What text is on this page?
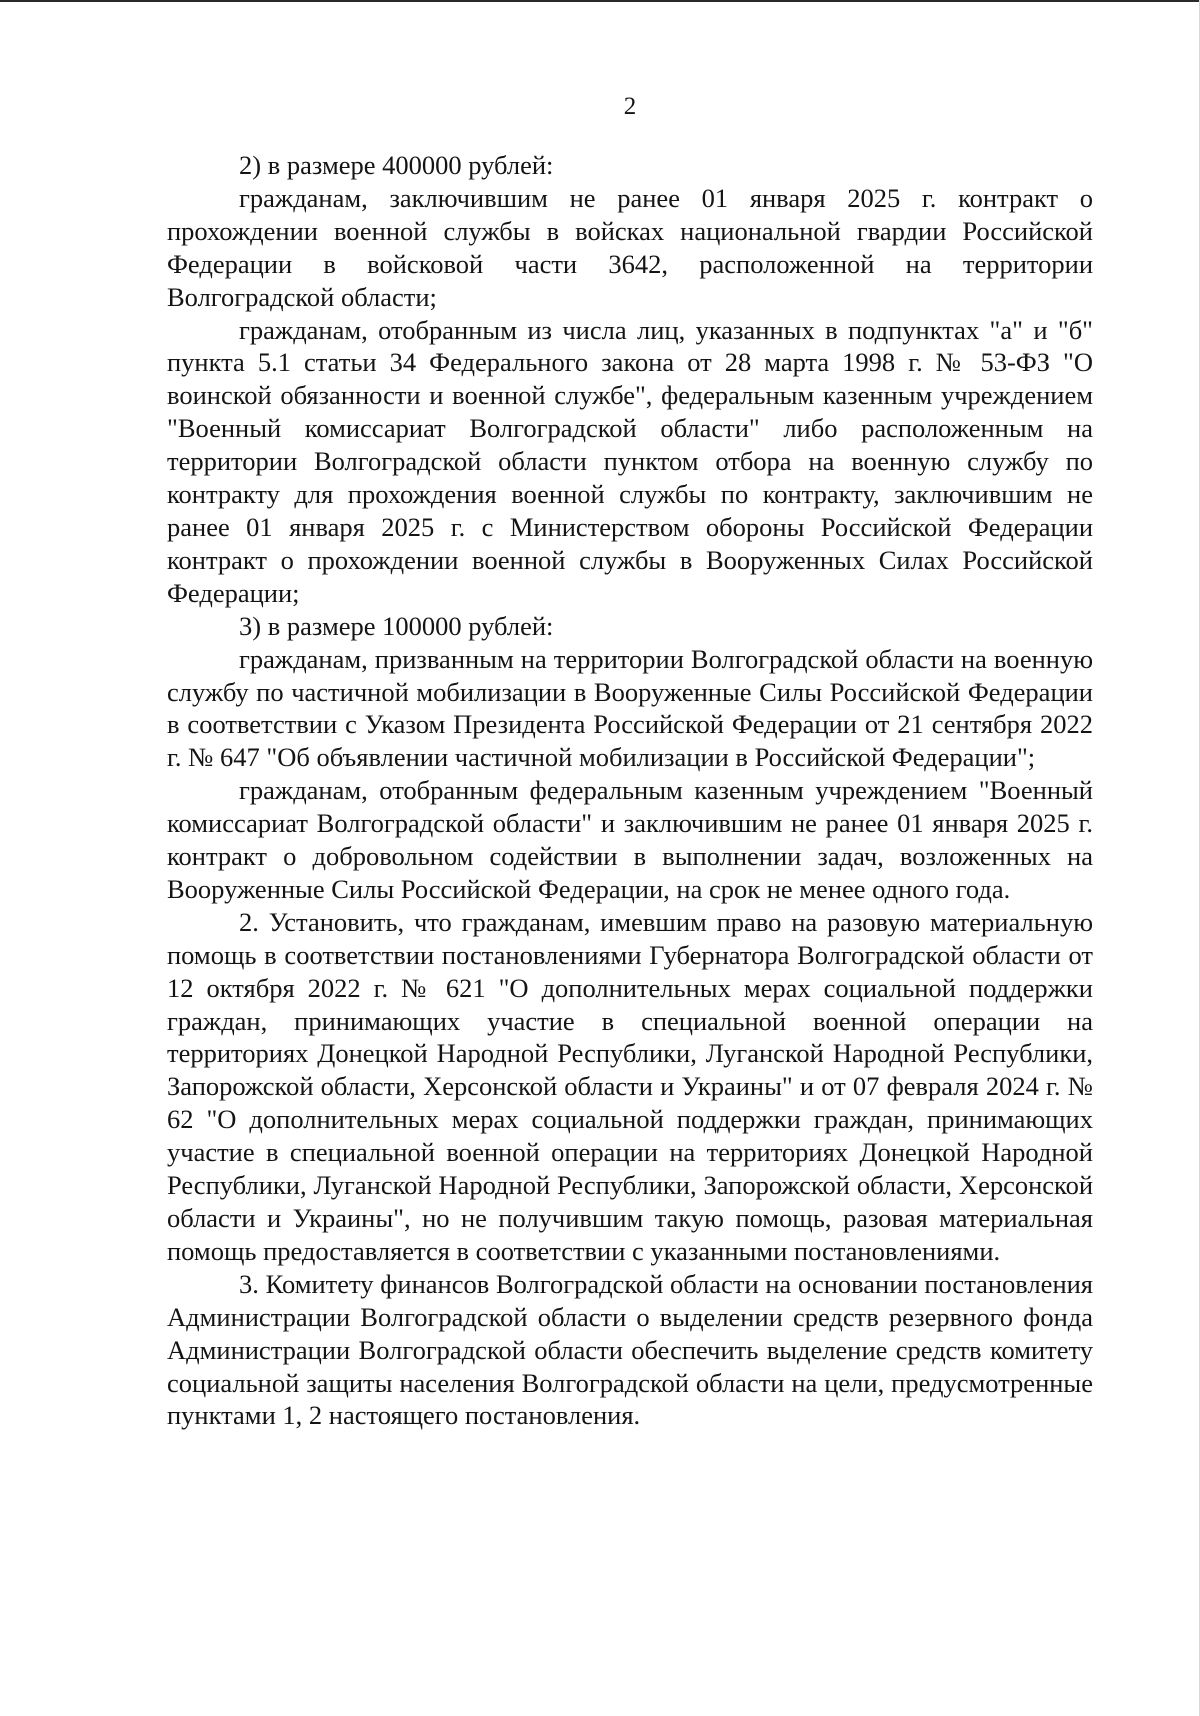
2

2) в размере 400000 рублей:

гражданам, заключившим не ранее 01 января 2025 г. контракт о прохождении военной службы в войсках национальной гвардии Российской Федерации в войсковой части 3642, расположенной на территории Волгоградской области;

гражданам, отобранным из числа лиц, указанных в подпунктах "а" и "б" пункта 5.1 статьи 34 Федерального закона от 28 марта 1998 г. № 53-ФЗ "О воинской обязанности и военной службе", федеральным казенным учреждением "Военный комиссариат Волгоградской области" либо расположенным на территории Волгоградской области пунктом отбора на военную службу по контракту для прохождения военной службы по контракту, заключившим не ранее 01 января 2025 г. с Министерством обороны Российской Федерации контракт о прохождении военной службы в Вооруженных Силах Российской Федерации;

3) в размере 100000 рублей:

гражданам, призванным на территории Волгоградской области на военную службу по частичной мобилизации в Вооруженные Силы Российской Федерации в соответствии с Указом Президента Российской Федерации от 21 сентября 2022 г. № 647 "Об объявлении частичной мобилизации в Российской Федерации";

гражданам, отобранным федеральным казенным учреждением "Военный комиссариат Волгоградской области" и заключившим не ранее 01 января 2025 г. контракт о добровольном содействии в выполнении задач, возложенных на Вооруженные Силы Российской Федерации, на срок не менее одного года.

2. Установить, что гражданам, имевшим право на разовую материальную помощь в соответствии постановлениями Губернатора Волгоградской области от 12 октября 2022 г. № 621 "О дополнительных мерах социальной поддержки граждан, принимающих участие в специальной военной операции на территориях Донецкой Народной Республики, Луганской Народной Республики, Запорожской области, Херсонской области и Украины" и от 07 февраля 2024 г. № 62 "О дополнительных мерах социальной поддержки граждан, принимающих участие в специальной военной операции на территориях Донецкой Народной Республики, Луганской Народной Республики, Запорожской области, Херсонской области и Украины", но не получившим такую помощь, разовая материальная помощь предоставляется в соответствии с указанными постановлениями.

3. Комитету финансов Волгоградской области на основании постановления Администрации Волгоградской области о выделении средств резервного фонда Администрации Волгоградской области обеспечить выделение средств комитету социальной защиты населения Волгоградской области на цели, предусмотренные пунктами 1, 2 настоящего постановления.
